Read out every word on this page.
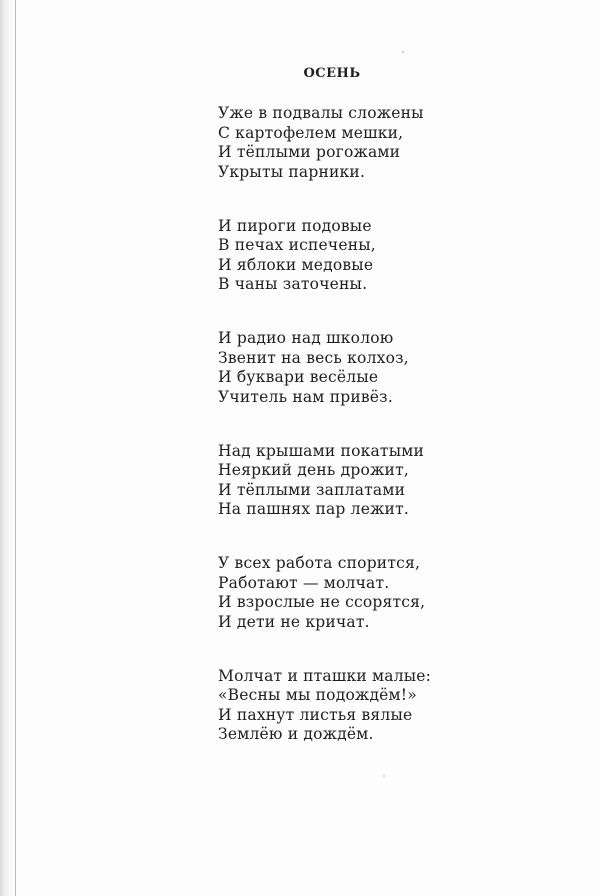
ОСЕНЬ
Уже в подвалы сложены
С картофелем мешки,
И тёплыми рогожами
Укрыты парники.
И пироги подовые
В печах испечены,
И яблоки медовые
В чаны заточены.
И радио над школою
Звенит на весь колхоз,
И буквари весёлые
Учитель нам привёз.
Над крышами покатыми
Неяркий день дрожит,
И тёплыми заплатами
На пашнях пар лежит.
У всех работа спорится,
Работают — молчат.
И взрослые не ссорятся,
И дети не кричат.
Молчат и пташки малые:
«Весны мы подождём!»
И пахнут листья вялые
Землёю и дождём.
